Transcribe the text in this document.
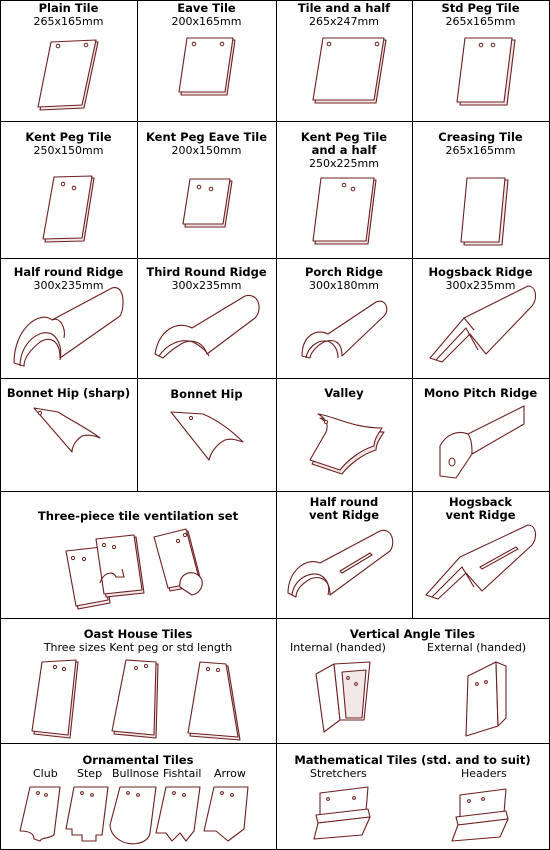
Plain Tile
265x165mm
Eave Tile
200x165mm
Tile and a half
265x247mm
Std Peg Tile
265x165mm
Kent Peg Tile
250x150mm
Kent Peg Eave Tile
200x150mm
Kent Peg Tile
and a half
250x225mm
Creasing Tile
265x165mm
Half round Ridge
300x235mm
Third Round Ridge
300x235mm
Porch Ridge
300x180mm
Hogsback Ridge
300x235mm
Bonnet Hip (sharp)	Bonnet Hip	Valley	Mono Pitch Ridge
Three-piece tile ventilation set
Half round
vent Ridge
Hogsback
vent Ridge
Oast House Tiles
Three sizes Kent peg or std length
Vertical Angle Tiles
Internal (handed)	External (handed)
Ornamental Tiles
Club Step Bullnose Fishtail Arrow
Mathematical Tiles (std. and to suit)
Stretchers	Headers
